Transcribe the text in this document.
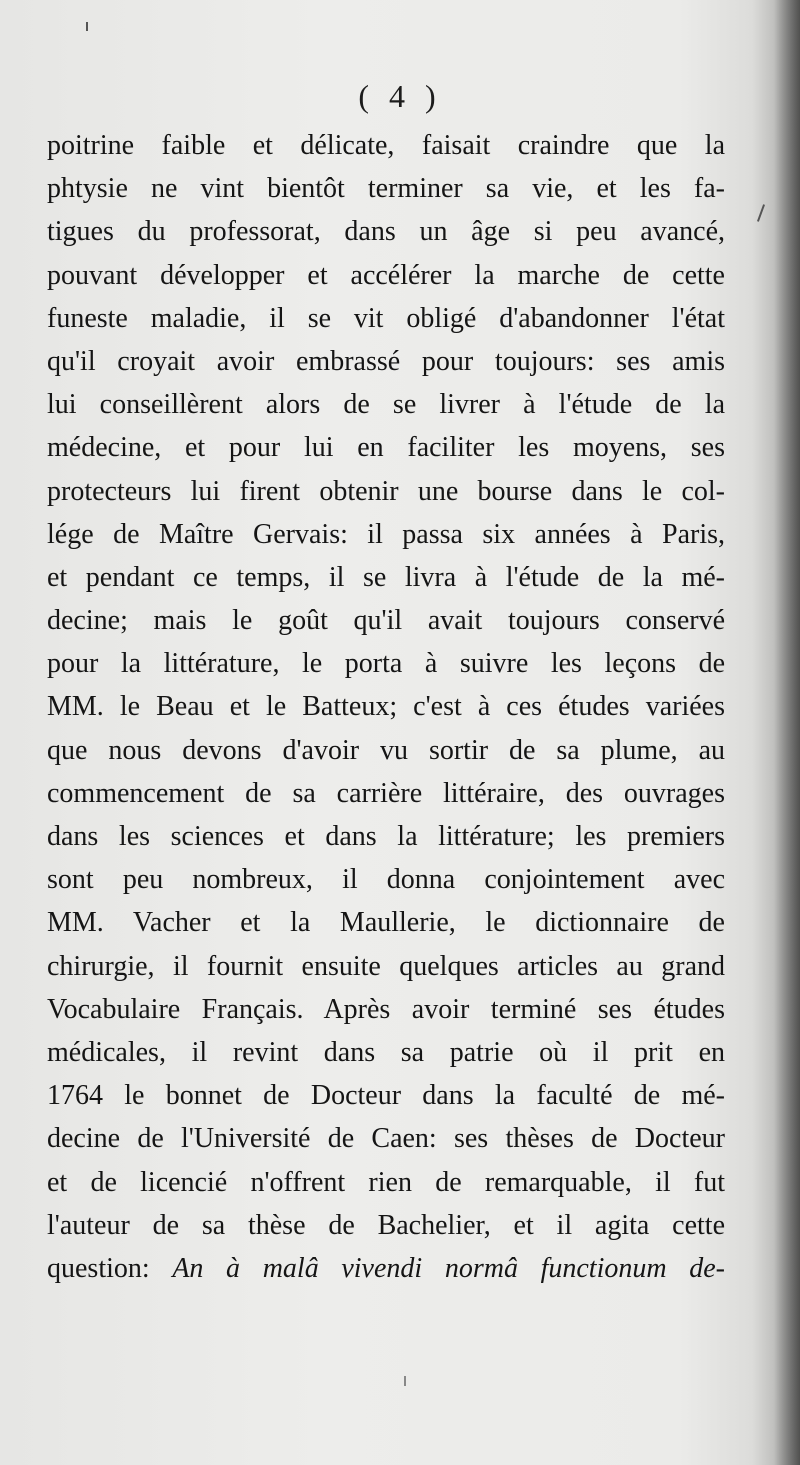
( 4 )
poitrine faible et délicate, faisait craindre que la
phtysie ne vint bientôt terminer sa vie, et les fa-
tigues du professorat, dans un âge si peu avancé,
pouvant développer et accélérer la marche de cette
funeste maladie, il se vit obligé d'abandonner l'état
qu'il croyait avoir embrassé pour toujours: ses amis
lui conseillèrent alors de se livrer à l'étude de la
médecine, et pour lui en faciliter les moyens, ses
protecteurs lui firent obtenir une bourse dans le col-
lége de Maître Gervais: il passa six années à Paris,
et pendant ce temps, il se livra à l'étude de la mé-
decine; mais le goût qu'il avait toujours conservé
pour la littérature, le porta à suivre les leçons de
MM. le Beau et le Batteux; c'est à ces études variées
que nous devons d'avoir vu sortir de sa plume, au
commencement de sa carrière littéraire, des ouvrages
dans les sciences et dans la littérature; les premiers
sont peu nombreux, il donna conjointement avec
MM. Vacher et la Maullerie, le dictionnaire de
chirurgie, il fournit ensuite quelques articles au grand
Vocabulaire Français. Après avoir terminé ses études
médicales, il revint dans sa patrie où il prit en
1764 le bonnet de Docteur dans la faculté de mé-
decine de l'Université de Caen: ses thèses de Docteur
et de licencié n'offrent rien de remarquable, il fut
l'auteur de sa thèse de Bachelier, et il agita cette
question: An à malâ vivendi normâ functionum de-
